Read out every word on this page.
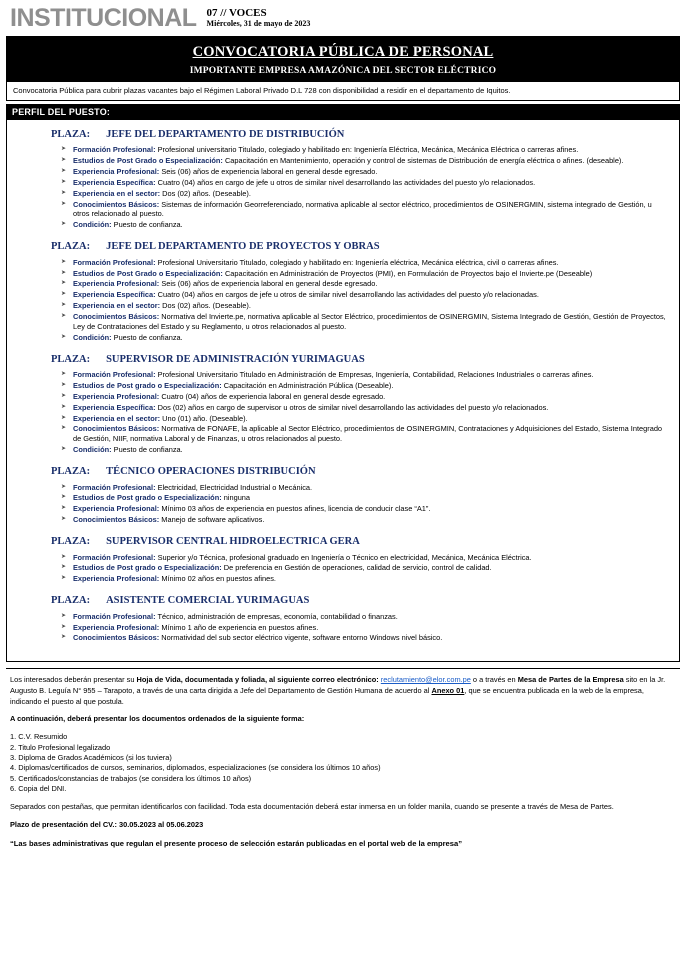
INSTITUCIONAL 07 // VOCES
Miércoles, 31 de mayo de 2023
CONVOCATORIA PÚBLICA DE PERSONAL
IMPORTANTE EMPRESA AMAZÓNICA DEL SECTOR ELÉCTRICO
Convocatoria Pública para cubrir plazas vacantes bajo el Régimen Laboral Privado D.L 728 con disponibilidad a residir en el departamento de Iquitos.
PERFIL DEL PUESTO:
PLAZA: JEFE DEL DEPARTAMENTO DE DISTRIBUCIÓN
➤ Formación Profesional: Profesional universitario Titulado, colegiado y habilitado en: Ingeniería Eléctrica, Mecánica, Mecánica Eléctrica o carreras afines.
➤ Estudios de Post Grado o Especialización: Capacitación en Mantenimiento, operación y control de sistemas de Distribución de energía eléctrica o afines. (deseable).
➤ Experiencia Profesional: Seis (06) años de experiencia laboral en general desde egresado.
➤ Experiencia Específica: Cuatro (04) años en cargo de jefe u otros de similar nivel desarrollando las actividades del puesto y/o relacionados.
➤ Experiencia en el sector: Dos (02) años. (Deseable).
➤ Conocimientos Básicos: Sistemas de información Georreferenciado, normativa aplicable al sector eléctrico, procedimientos de OSINERGMIN, sistema integrado de Gestión, u otros relacionado al puesto.
➤ Condición: Puesto de confianza.
PLAZA: JEFE DEL DEPARTAMENTO DE PROYECTOS Y OBRAS
➤ Formación Profesional: Profesional Universitario Titulado, colegiado y habilitado en: Ingeniería eléctrica, Mecánica eléctrica, civil o carreras afines.
➤ Estudios de Post Grado o Especialización: Capacitación en Administración de Proyectos (PMI), en Formulación de Proyectos bajo el Invierte.pe (Deseable)
➤ Experiencia Profesional: Seis (06) años de experiencia laboral en general desde egresado.
➤ Experiencia Específica: Cuatro (04) años en cargos de jefe u otros de similar nivel desarrollando las actividades del puesto y/o relacionadas.
➤ Experiencia en el sector: Dos (02) años. (Deseable).
➤ Conocimientos Básicos: Normativa del Invierte.pe, normativa aplicable al Sector Eléctrico, procedimientos de OSINERGMIN, Sistema Integrado de Gestión, Gestión de Proyectos, Ley de Contrataciones del Estado y su Reglamento, u otros relacionados al puesto.
➤ Condición: Puesto de confianza.
PLAZA: SUPERVISOR DE ADMINISTRACIÓN YURIMAGUAS
➤ Formación Profesional: Profesional Universitario Titulado en Administración de Empresas, Ingeniería, Contabilidad, Relaciones Industriales o carreras afines.
➤ Estudios de Post grado o Especialización: Capacitación en Administración Pública (Deseable).
➤ Experiencia Profesional: Cuatro (04) años de experiencia laboral en general desde egresado.
➤ Experiencia Específica: Dos (02) años en cargo de supervisor u otros de similar nivel desarrollando las actividades del puesto y/o relacionados.
➤ Experiencia en el sector: Uno (01) año. (Deseable).
➤ Conocimientos Básicos: Normativa de FONAFE, la aplicable al Sector Eléctrico, procedimientos de OSINERGMIN, Contrataciones y Adquisiciones del Estado, Sistema Integrado de Gestión, NIIF, normativa Laboral y de Finanzas, u otros relacionados al puesto.
➤ Condición: Puesto de confianza.
PLAZA: TÉCNICO OPERACIONES DISTRIBUCIÓN
➤ Formación Profesional: Electricidad, Electricidad Industrial o Mecánica.
➤ Estudios de Post grado o Especialización: ninguna
➤ Experiencia Profesional: Mínimo 03 años de experiencia en puestos afines, licencia de conducir clase “A1”.
➤ Conocimientos Básicos: Manejo de software aplicativos.
PLAZA: SUPERVISOR CENTRAL HIDROELECTRICA GERA
➤ Formación Profesional: Superior y/o Técnica, profesional graduado en Ingeniería o Técnico en electricidad, Mecánica, Mecánica Eléctrica.
➤ Estudios de Post grado o Especialización: De preferencia en Gestión de operaciones, calidad de servicio, control de calidad.
➤ Experiencia Profesional: Mínimo 02 años en puestos afines.
PLAZA: ASISTENTE COMERCIAL YURIMAGUAS
➤ Formación Profesional: Técnico, administración de empresas, economía, contabilidad o finanzas.
➤ Experiencia Profesional: Mínimo 1 año de experiencia en puestos afines.
➤ Conocimientos Básicos: Normatividad del sub sector eléctrico vigente, software entorno Windows nivel básico.

Los interesados deberán presentar su Hoja de Vida, documentada y foliada, al siguiente correo electrónico: reclutamiento@elor.com.pe o a través en Mesa de Partes de la Empresa sito en la Jr. Augusto B. Leguía N° 955 – Tarapoto, a través de una carta dirigida a Jefe del Departamento de Gestión Humana de acuerdo al Anexo 01, que se encuentra publicada en la web de la empresa, indicando el puesto al que postula.

A continuación, deberá presentar los documentos ordenados de la siguiente forma:

1. C.V. Resumido
2. Titulo Profesional legalizado
3. Diploma de Grados Académicos (si los tuviera)
4. Diplomas/certificados de cursos, seminarios, diplomados, especializaciones (se considera los últimos 10 años)
5. Certificados/constancias de trabajos (se considera los últimos 10 años)
6. Copia del DNI.

Separados con pestañas, que permitan identificarlos con facilidad. Toda esta documentación deberá estar inmersa en un folder manila, cuando se presente a través de Mesa de Partes.

Plazo de presentación del CV.: 30.05.2023 al 05.06.2023

“Las bases administrativas que regulan el presente proceso de selección estarán publicadas en el portal web de la empresa”
